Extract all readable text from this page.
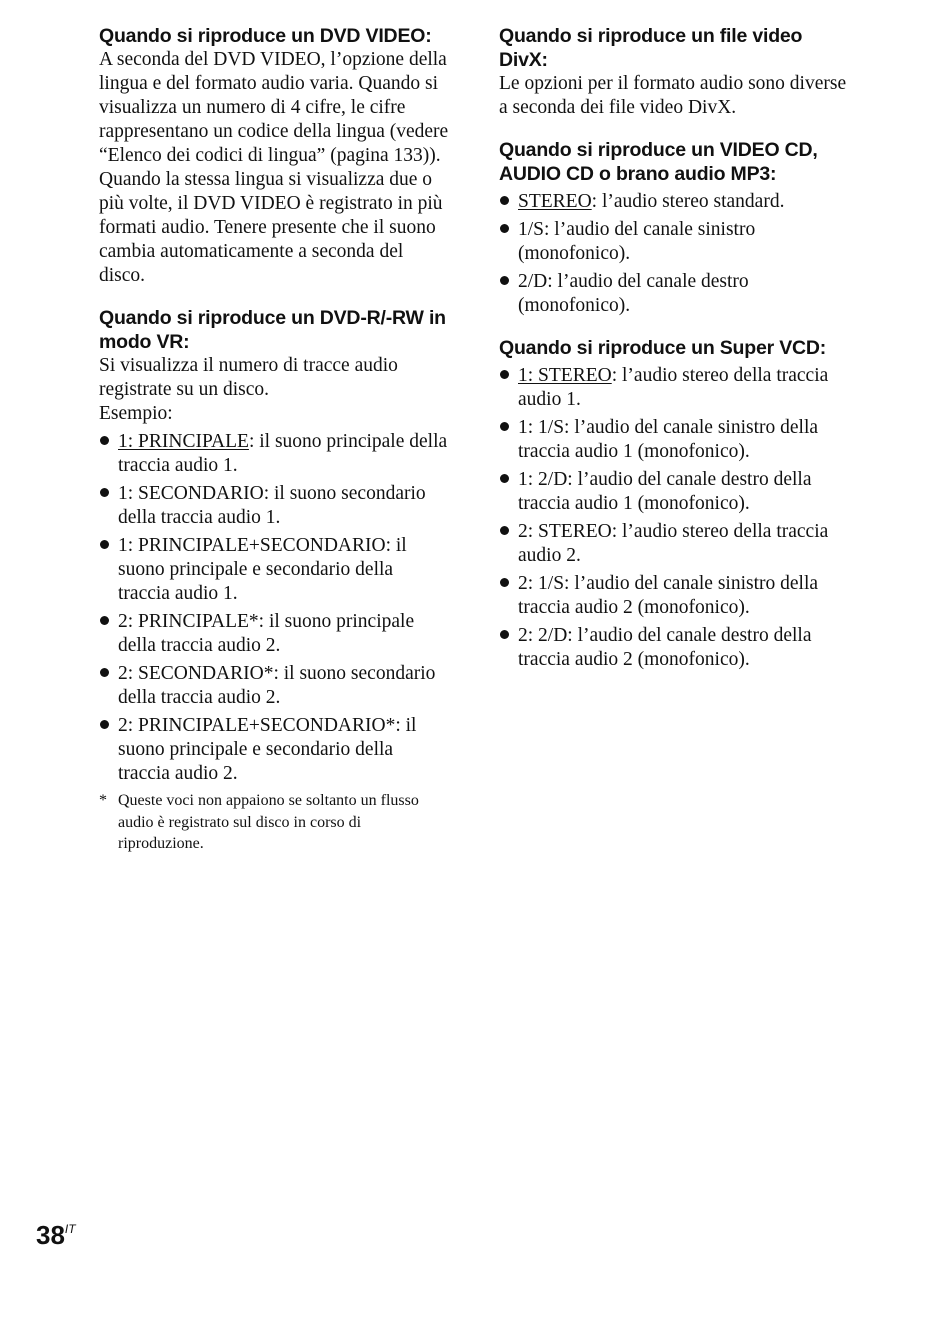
Quando si riproduce un DVD VIDEO:

A seconda del DVD VIDEO, l’opzione della lingua e del formato audio varia. Quando si visualizza un numero di 4 cifre, le cifre rappresentano un codice della lingua (vedere “Elenco dei codici di lingua” (pagina 133)). Quando la stessa lingua si visualizza due o più volte, il DVD VIDEO è registrato in più formati audio. Tenere presente che il suono cambia automaticamente a seconda del disco.

Quando si riproduce un DVD-R/-RW in modo VR:

Si visualizza il numero di tracce audio registrate su un disco.

Esempio:

1: PRINCIPALE: il suono principale della traccia audio 1.
1: SECONDARIO: il suono secondario della traccia audio 1.
1: PRINCIPALE+SECONDARIO: il suono principale e secondario della traccia audio 1.
2: PRINCIPALE*: il suono principale della traccia audio 2.
2: SECONDARIO*: il suono secondario della traccia audio 2.
2: PRINCIPALE+SECONDARIO*: il suono principale e secondario della traccia audio 2.

* Queste voci non appaiono se soltanto un flusso audio è registrato sul disco in corso di riproduzione.

Quando si riproduce un file video DivX:

Le opzioni per il formato audio sono diverse a seconda dei file video DivX.

Quando si riproduce un VIDEO CD, AUDIO CD o brano audio MP3:

STEREO: l’audio stereo standard.
1/S: l’audio del canale sinistro (monofonico).
2/D: l’audio del canale destro (monofonico).

Quando si riproduce un Super VCD:

1: STEREO: l’audio stereo della traccia audio 1.
1: 1/S: l’audio del canale sinistro della traccia audio 1 (monofonico).
1: 2/D: l’audio del canale destro della traccia audio 1 (monofonico).
2: STEREO: l’audio stereo della traccia audio 2.
2: 1/S: l’audio del canale sinistro della traccia audio 2 (monofonico).
2: 2/D: l’audio del canale destro della traccia audio 2 (monofonico).
$38^{IT}$
